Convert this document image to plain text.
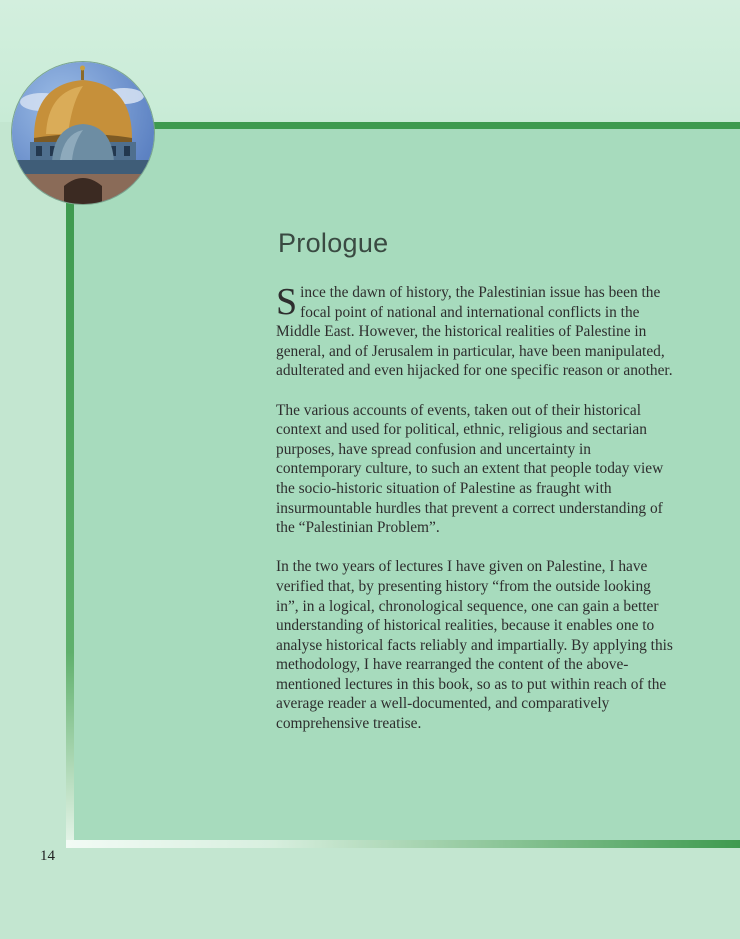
Prologue

Since the dawn of history, the Palestinian issue has been the focal point of national and international conflicts in the Middle East. However, the historical realities of Palestine in general, and of Jerusalem in particular, have been manipulated, adulterated and even hijacked for one specific reason or another.

The various accounts of events, taken out of their historical context and used for political, ethnic, religious and sectarian purposes, have spread confusion and uncertainty in contemporary culture, to such an extent that people today view the socio-historic situation of Palestine as fraught with insurmountable hurdles that prevent a correct understanding of the “Palestinian Problem”.

In the two years of lectures I have given on Palestine, I have verified that, by presenting history “from the outside looking in”, in a logical, chronological sequence, one can gain a better understanding of historical realities, because it enables one to analyse historical facts reliably and impartially. By applying this methodology, I have rearranged the content of the above-mentioned lectures in this book, so as to put within reach of the average reader a well-documented, and comparatively comprehensive treatise.

14
